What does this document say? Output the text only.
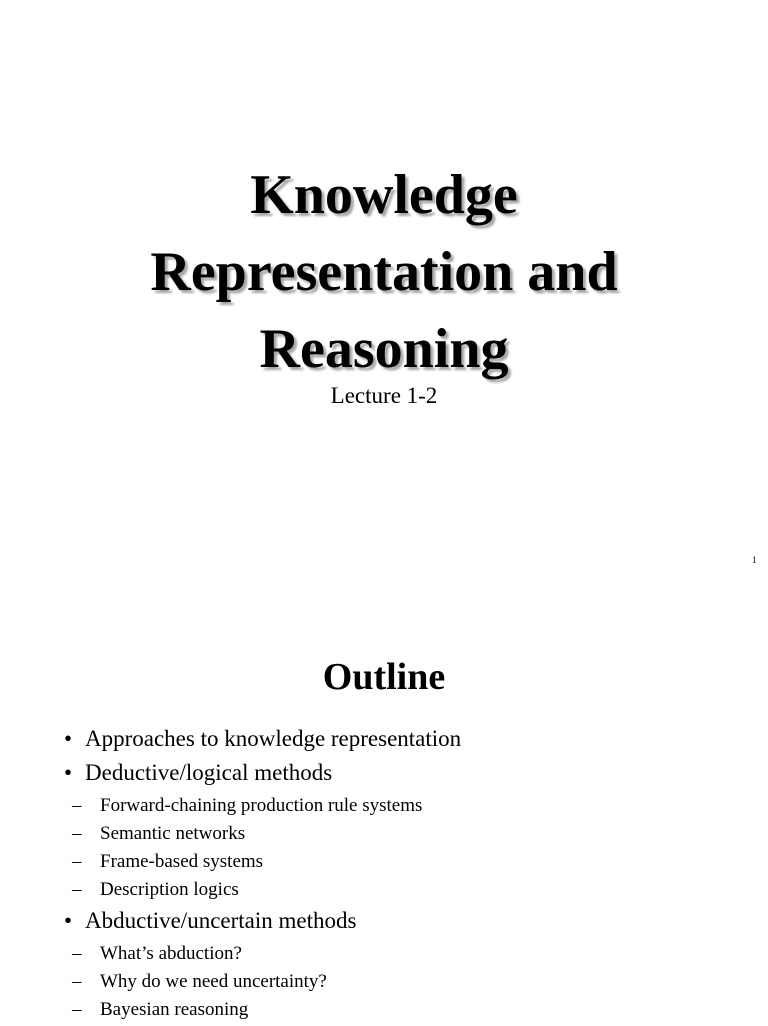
Knowledge
Representation and
Reasoning

Lecture 1-2

1
Outline
• Approaches to knowledge representation
• Deductive/logical methods
– Forward-chaining production rule systems
– Semantic networks
– Frame-based systems
– Description logics
• Abductive/uncertain methods
– What’s abduction?
– Why do we need uncertainty?
– Bayesian reasoning
